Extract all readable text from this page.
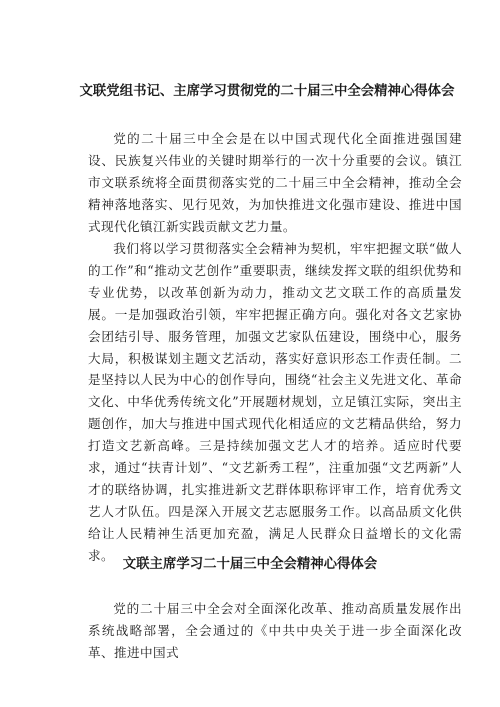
文联党组书记、主席学习贯彻党的二十届三中全会精神心得体会

党的二十届三中全会是在以中国式现代化全面推进强国建设、民族复兴伟业的关键时期举行的一次十分重要的会议。镇江市文联系统将全面贯彻落实党的二十届三中全会精神，推动全会精神落地落实、见行见效，为加快推进文化强市建设、推进中国式现代化镇江新实践贡献文艺力量。

我们将以学习贯彻落实全会精神为契机，牢牢把握文联“做人的工作”和“推动文艺创作”重要职责，继续发挥文联的组织优势和专业优势，以改革创新为动力，推动文艺文联工作的高质量发展。一是加强政治引领，牢牢把握正确方向。强化对各文艺家协会团结引导、服务管理，加强文艺家队伍建设，围绕中心，服务大局，积极谋划主题文艺活动，落实好意识形态工作责任制。二是坚持以人民为中心的创作导向，围绕“社会主义先进文化、革命文化、中华优秀传统文化”开展题材规划，立足镇江实际，突出主题创作，加大与推进中国式现代化相适应的文艺精品供给，努力打造文艺新高峰。三是持续加强文艺人才的培养。适应时代要求，通过“扶青计划”、“文艺新秀工程”，注重加强“文艺两新”人才的联络协调，扎实推进新文艺群体职称评审工作，培育优秀文艺人才队伍。四是深入开展文艺志愿服务工作。以高品质文化供给让人民精神生活更加充盈，满足人民群众日益增长的文化需求。

文联主席学习二十届三中全会精神心得体会

党的二十届三中全会对全面深化改革、推动高质量发展作出系统战略部署，全会通过的《中共中央关于进一步全面深化改革、推进中国式
